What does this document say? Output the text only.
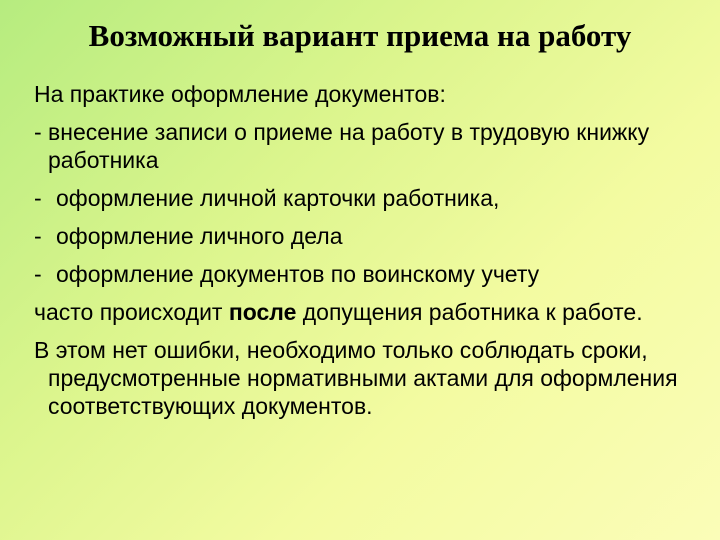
Возможный вариант приема на работу
На практике оформление документов:
- внесение записи о приеме на работу в трудовую книжку работника
- оформление личной карточки работника,
- оформление личного дела
- оформление документов по воинскому учету
часто происходит после допущения работника к работе.
В этом нет ошибки, необходимо только соблюдать сроки, предусмотренные нормативными актами для оформления соответствующих документов.
